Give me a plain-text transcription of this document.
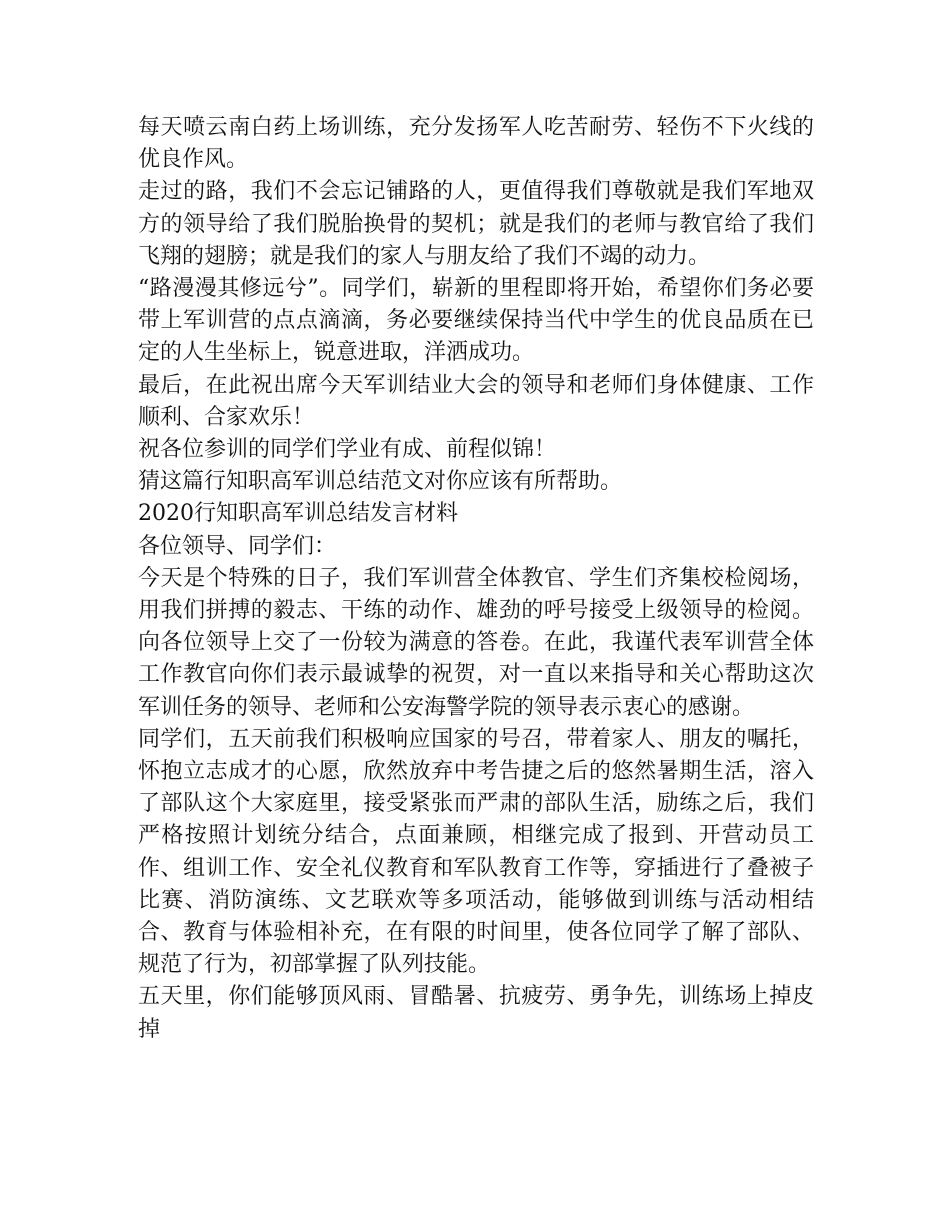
每天喷云南白药上场训练，充分发扬军人吃苦耐劳、轻伤不下火线的优良作风。

走过的路，我们不会忘记铺路的人，更值得我们尊敬就是我们军地双方的领导给了我们脱胎换骨的契机；就是我们的老师与教官给了我们飞翔的翅膀；就是我们的家人与朋友给了我们不竭的动力。

“路漫漫其修远兮”。同学们，崭新的里程即将开始，希望你们务必要带上军训营的点点滴滴，务必要继续保持当代中学生的优良品质在已定的人生坐标上，锐意进取，洋洒成功。

最后，在此祝出席今天军训结业大会的领导和老师们身体健康、工作顺利、合家欢乐！

祝各位参训的同学们学业有成、前程似锦！

猜这篇行知职高军训总结范文对你应该有所帮助。

2020行知职高军训总结发言材料

各位领导、同学们：

今天是个特殊的日子，我们军训营全体教官、学生们齐集校检阅场，用我们拼搏的毅志、干练的动作、雄劲的呼号接受上级领导的检阅。向各位领导上交了一份较为满意的答卷。在此，我谨代表军训营全体工作教官向你们表示最诚挚的祝贺，对一直以来指导和关心帮助这次军训任务的领导、老师和公安海警学院的领导表示衷心的感谢。

同学们，五天前我们积极响应国家的号召，带着家人、朋友的嘱托，怀抱立志成才的心愿，欣然放弃中考告捷之后的悠然暑期生活，溶入了部队这个大家庭里，接受紧张而严肃的部队生活，励练之后，我们严格按照计划统分结合，点面兼顾，相继完成了报到、开营动员工作、组训工作、安全礼仪教育和军队教育工作等，穿插进行了叠被子比赛、消防演练、文艺联欢等多项活动，能够做到训练与活动相结合、教育与体验相补充，在有限的时间里，使各位同学了解了部队、规范了行为，初部掌握了队列技能。

五天里，你们能够顶风雨、冒酷暑、抗疲劳、勇争先，训练场上掉皮掉
